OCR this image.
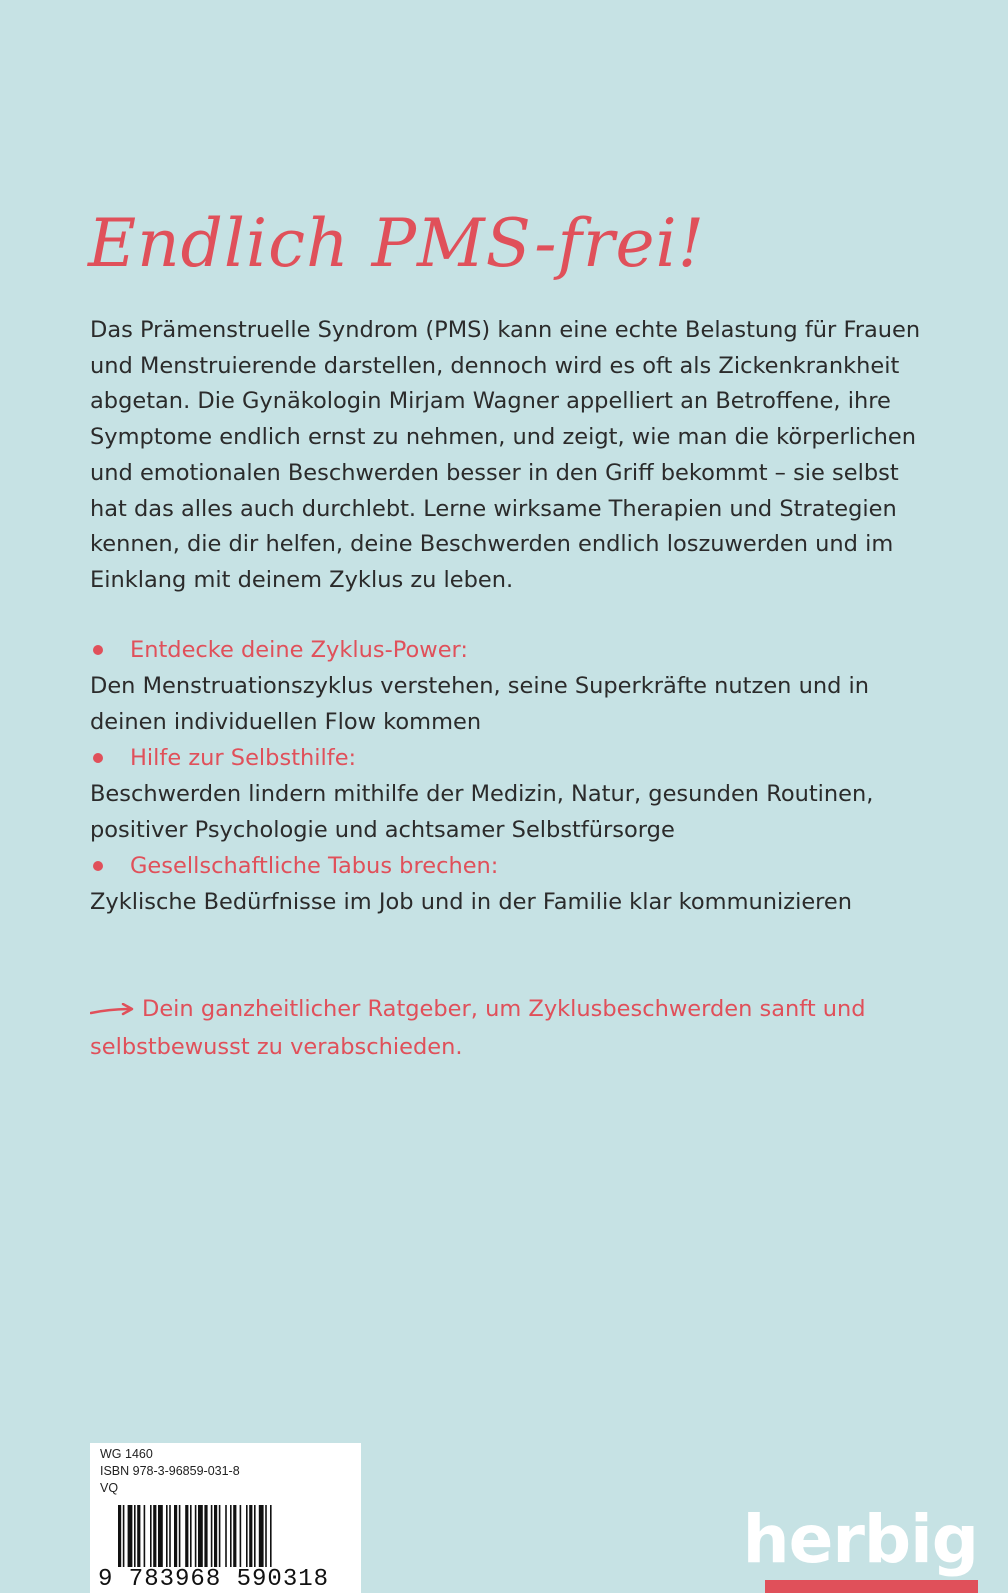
Endlich PMS-frei!
Das Prämenstruelle Syndrom (PMS) kann eine echte Belastung für Frauen und Menstruierende darstellen, dennoch wird es oft als Zickenkrankheit abgetan. Die Gynäkologin Mirjam Wagner appelliert an Betroffene, ihre Symptome endlich ernst zu nehmen, und zeigt, wie man die körperlichen und emotionalen Beschwerden besser in den Griff bekommt – sie selbst hat das alles auch durchlebt. Lerne wirksame Therapien und Strategien kennen, die dir helfen, deine Beschwerden endlich loszuwerden und im Einklang mit deinem Zyklus zu leben.
Entdecke deine Zyklus-Power:
Den Menstruationszyklus verstehen, seine Superkräfte nutzen und in deinen individuellen Flow kommen
Hilfe zur Selbsthilfe:
Beschwerden lindern mithilfe der Medizin, Natur, gesunden Routinen, positiver Psychologie und achtsamer Selbstfürsorge
Gesellschaftliche Tabus brechen:
Zyklische Bedürfnisse im Job und in der Familie klar kommunizieren
Dein ganzheitlicher Ratgeber, um Zyklusbeschwerden sanft und selbstbewusst zu verabschieden.
WG 1460
ISBN 978-3-96859-031-8
VQ
9 783968 590318
herbig
